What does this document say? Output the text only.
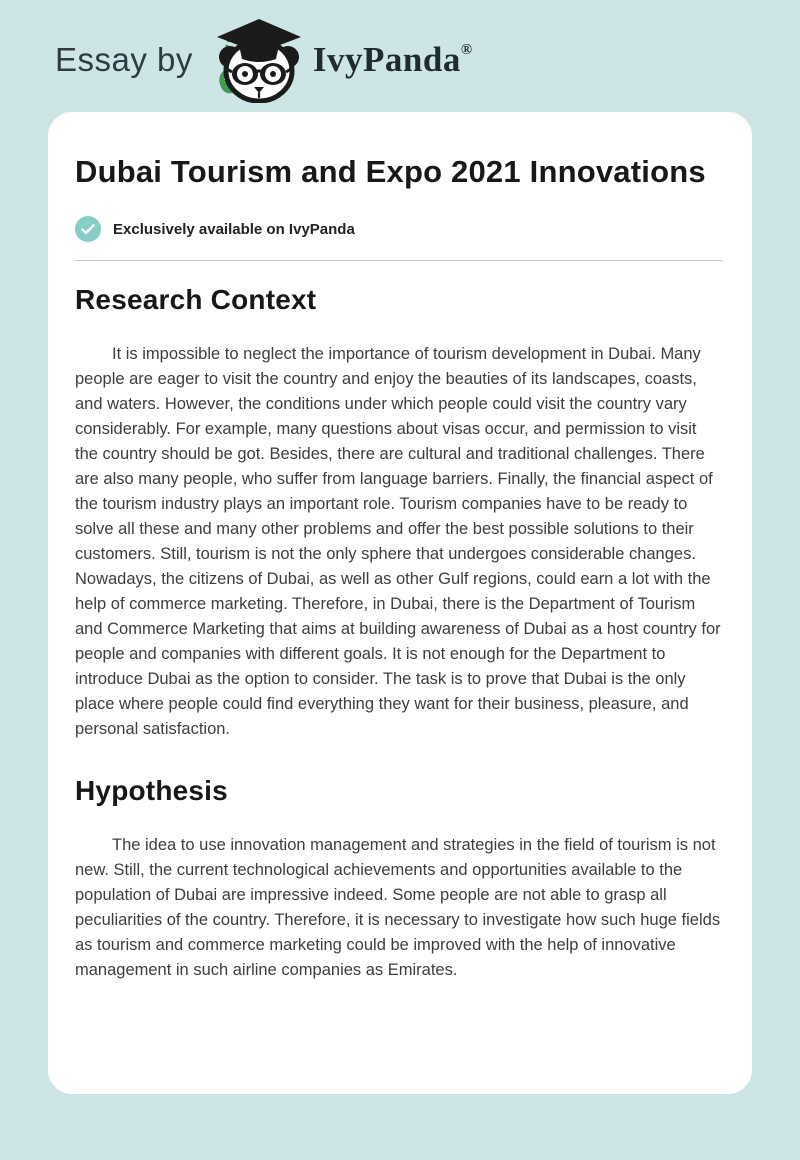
Essay by	IvyPanda®
Dubai Tourism and Expo 2021 Innovations
Exclusively available on IvyPanda
Research Context

It is impossible to neglect the importance of tourism development in Dubai. Many people are eager to visit the country and enjoy the beauties of its landscapes, coasts, and waters. However, the conditions under which people could visit the country vary considerably. For example, many questions about visas occur, and permission to visit the country should be got. Besides, there are cultural and traditional challenges. There are also many people, who suffer from language barriers. Finally, the financial aspect of the tourism industry plays an important role. Tourism companies have to be ready to solve all these and many other problems and offer the best possible solutions to their customers. Still, tourism is not the only sphere that undergoes considerable changes. Nowadays, the citizens of Dubai, as well as other Gulf regions, could earn a lot with the help of commerce marketing. Therefore, in Dubai, there is the Department of Tourism and Commerce Marketing that aims at building awareness of Dubai as a host country for people and companies with different goals. It is not enough for the Department to introduce Dubai as the option to consider. The task is to prove that Dubai is the only place where people could find everything they want for their business, pleasure, and personal satisfaction.

Hypothesis

The idea to use innovation management and strategies in the field of tourism is not new. Still, the current technological achievements and opportunities available to the population of Dubai are impressive indeed. Some people are not able to grasp all peculiarities of the country. Therefore, it is necessary to investigate how such huge fields as tourism and commerce marketing could be improved with the help of innovative management in such airline companies as Emirates.
